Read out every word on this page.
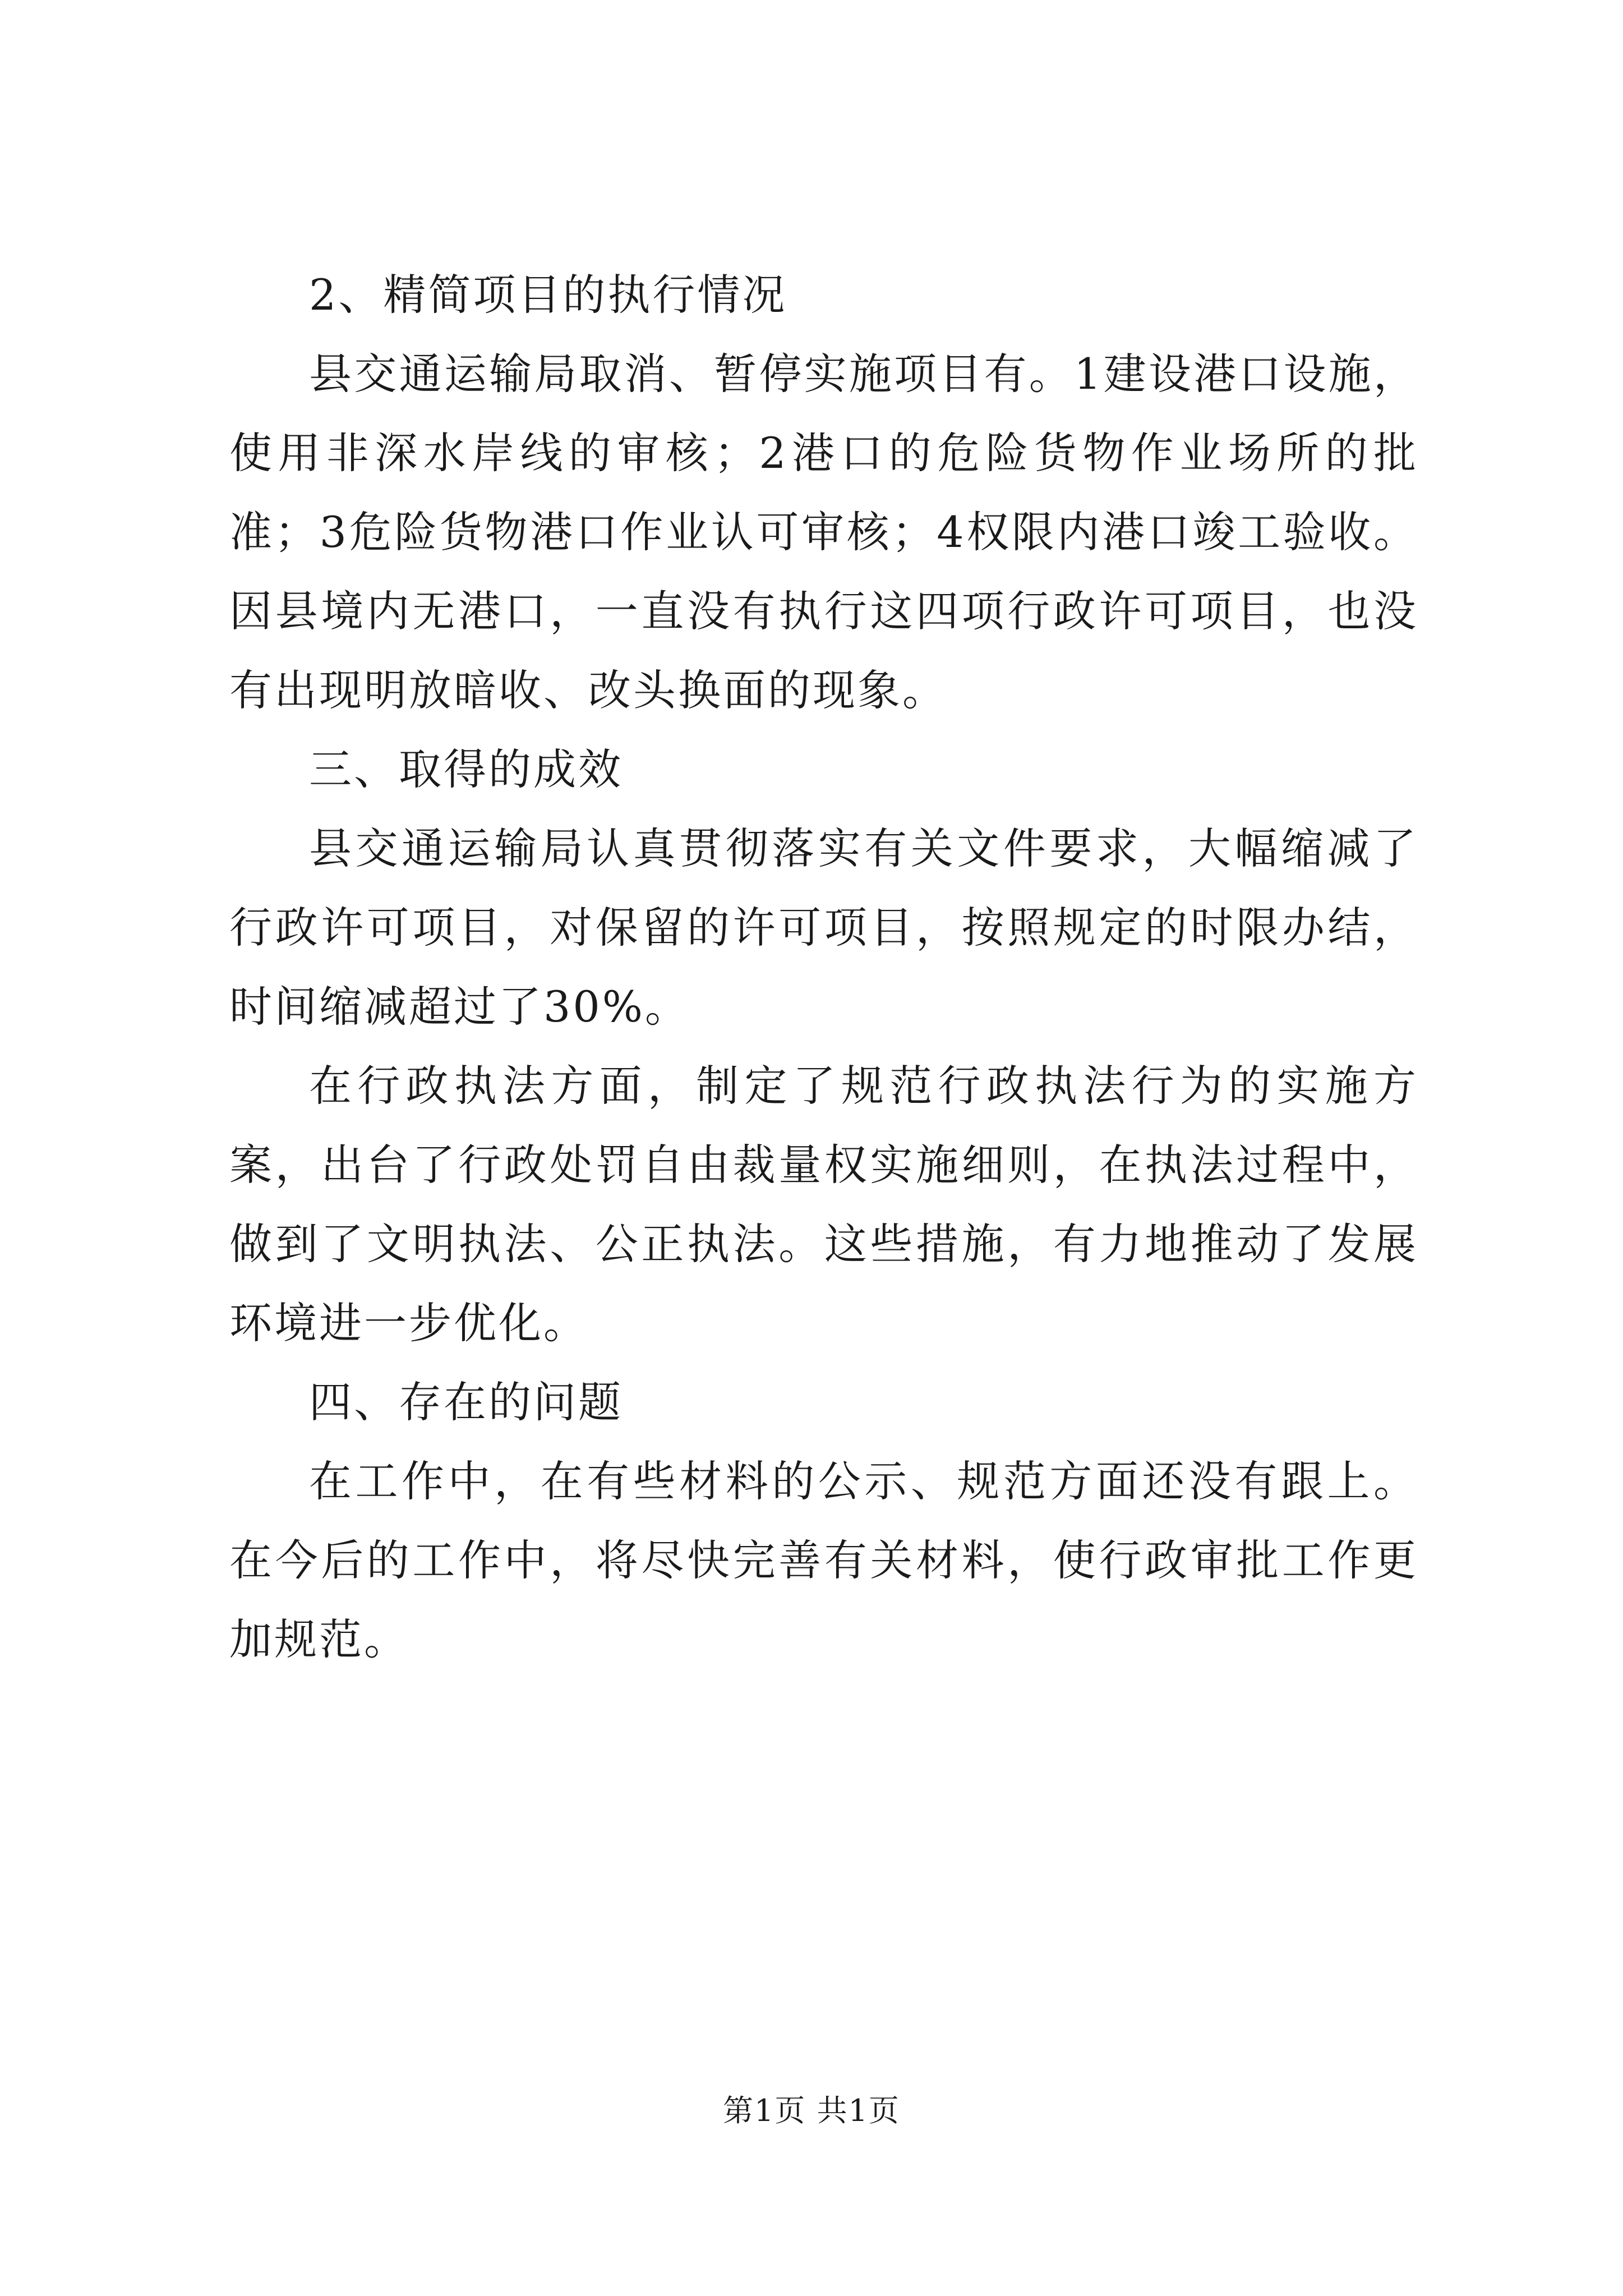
2、精简项目的执行情况

县交通运输局取消、暂停实施项目有。1建设港口设施，使用非深水岸线的审核；2港口的危险货物作业场所的批准；3危险货物港口作业认可审核；4权限内港口竣工验收。因县境内无港口，一直没有执行这四项行政许可项目，也没有出现明放暗收、改头换面的现象。

三、取得的成效

县交通运输局认真贯彻落实有关文件要求，大幅缩减了行政许可项目，对保留的许可项目，按照规定的时限办结，时间缩减超过了30%。

在行政执法方面，制定了规范行政执法行为的实施方案，出台了行政处罚自由裁量权实施细则，在执法过程中，做到了文明执法、公正执法。这些措施，有力地推动了发展环境进一步优化。

四、存在的问题

在工作中，在有些材料的公示、规范方面还没有跟上。在今后的工作中，将尽快完善有关材料，使行政审批工作更加规范。

第1页 共1页
